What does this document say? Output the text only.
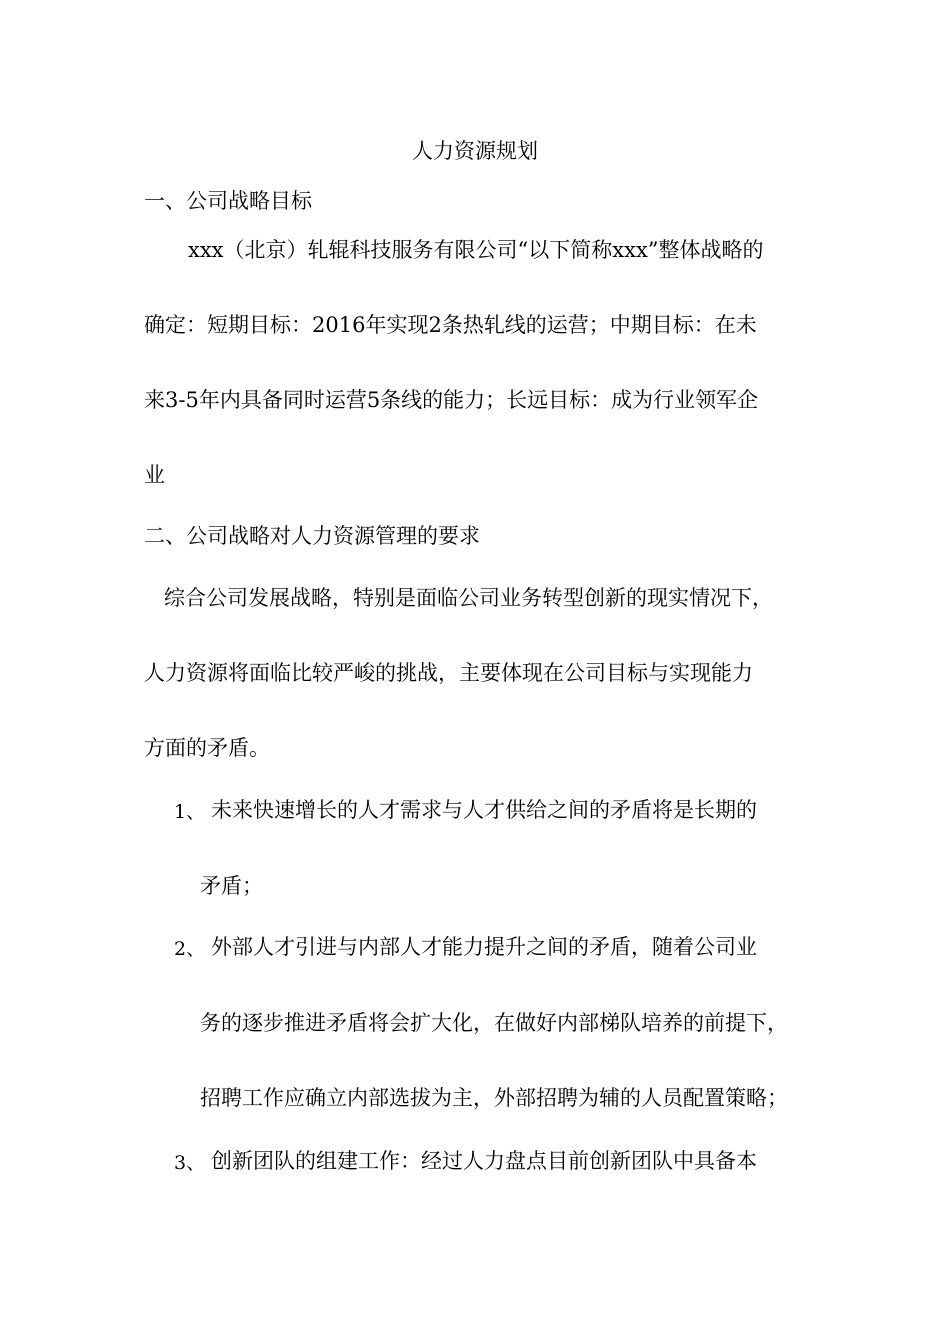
人力资源规划
一、公司战略目标
xxx（北京）轧辊科技服务有限公司“以下简称xxx”整体战略的
确定：短期目标：2016年实现2条热轧线的运营；中期目标：在未
来3-5年内具备同时运营5条线的能力；长远目标：成为行业领军企
业
二、公司战略对人力资源管理的要求
综合公司发展战略，特别是面临公司业务转型创新的现实情况下，
人力资源将面临比较严峻的挑战，主要体现在公司目标与实现能力
方面的矛盾。
1、 未来快速增长的人才需求与人才供给之间的矛盾将是长期的
矛盾；
2、 外部人才引进与内部人才能力提升之间的矛盾，随着公司业
务的逐步推进矛盾将会扩大化，在做好内部梯队培养的前提下，
招聘工作应确立内部选拔为主，外部招聘为辅的人员配置策略；
3、 创新团队的组建工作：经过人力盘点目前创新团队中具备本
